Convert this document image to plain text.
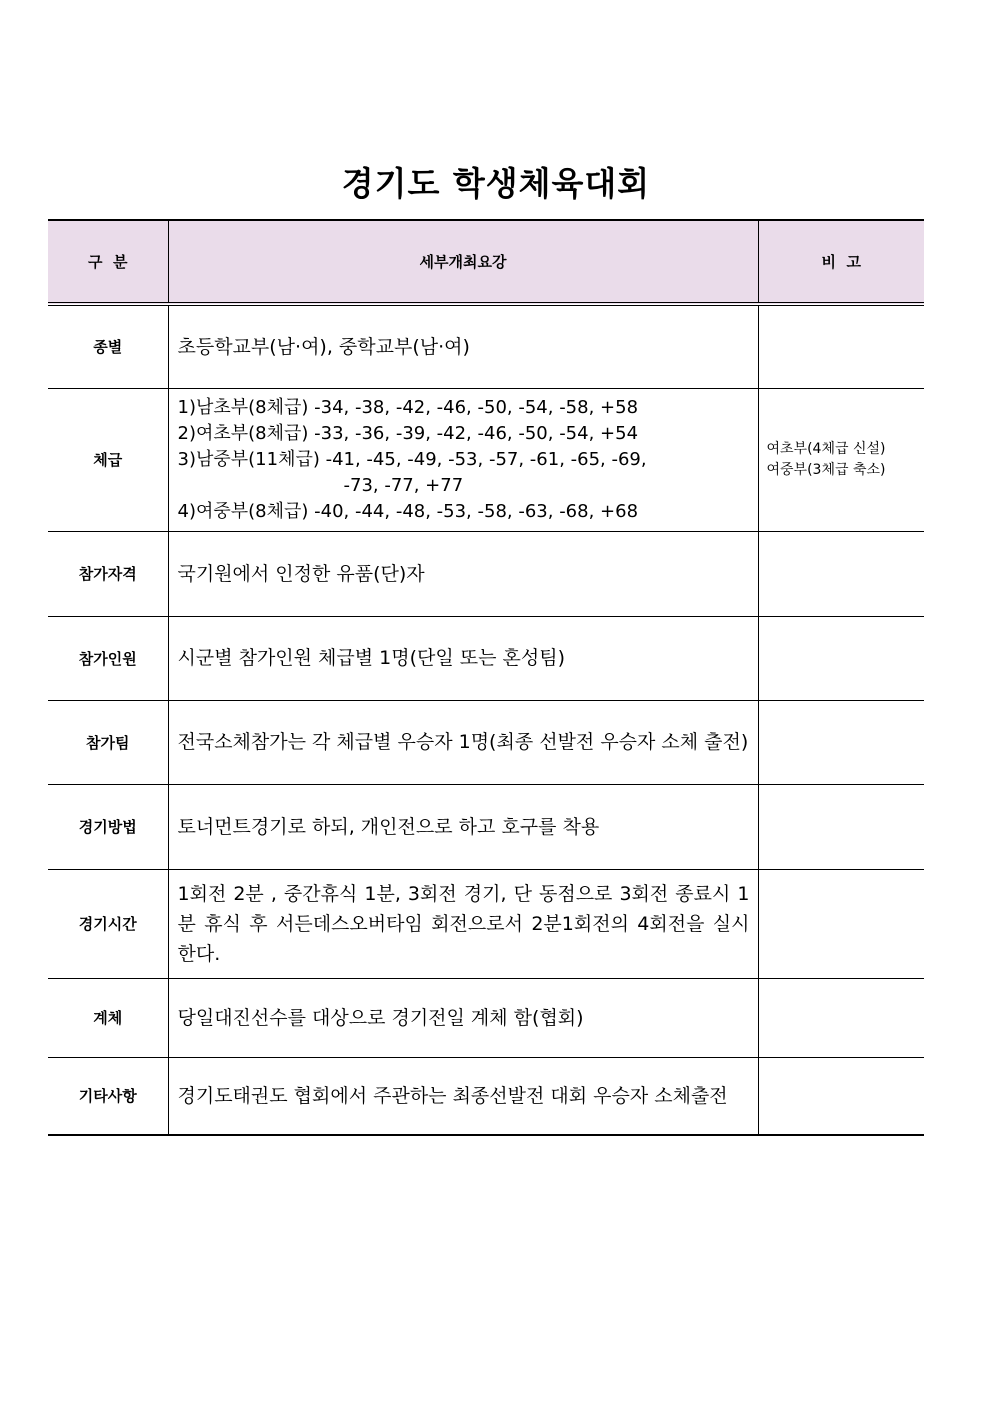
경기도 학생체육대회
구  분	세부개최요강	비  고
종별	초등학교부(남·여), 중학교부(남·여)	

체급	1)남초부(8체급) -34, -38, -42, -46, -50, -54, -58, +58
2)여초부(8체급) -33, -36, -39, -42, -46, -50, -54, +54
3)남중부(11체급) -41, -45, -49, -53, -57, -61, -65, -69,
-73, -77, +77
4)여중부(8체급) -40, -44, -48, -53, -58, -63, -68, +68	여초부(4체급 신설)
여중부(3체급 축소)

참가자격	국기원에서 인정한 유품(단)자	

참가인원	시군별 참가인원 체급별 1명(단일 또는 혼성팀)	

참가팀	전국소체참가는 각 체급별 우승자 1명(최종 선발전 우승자 소체 출전)	
경기방법	토너먼트경기로 하되, 개인전으로 하고 호구를 착용	

경기시간	1회전 2분 , 중간휴식 1분, 3회전 경기, 단 동점으로 3회전 종료시 1분 휴식 후 서든데스오버타임 회전으로서 2분1회전의 4회전을 실시한다.	
계체	당일대진선수를 대상으로 경기전일 계체 함(협회)	

기타사항	경기도태권도 협회에서 주관하는 최종선발전 대회 우승자 소체출전	
